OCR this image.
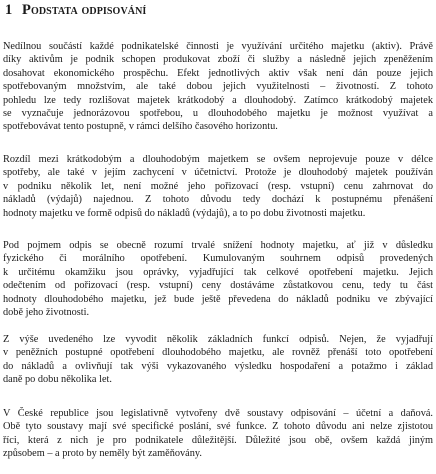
1 Podstata odpisování
Nedílnou součástí každé podnikatelské činnosti je využívání určitého majetku (aktiv). Právě
díky aktivům je podnik schopen produkovat zboží či služby a následně jejich zpeněžením
dosahovat ekonomického prospěchu. Efekt jednotlivých aktiv však není dán pouze jejich
spotřebovaným množstvím, ale také dobou jejich využitelnosti – životností. Z tohoto
pohledu lze tedy rozlišovat majetek krátkodobý a dlouhodobý. Zatímco krátkodobý majetek
se vyznačuje jednorázovou spotřebou, u dlouhodobého majetku je možnost využívat a
spotřebovávat tento postupně, v rámci delšího časového horizontu.
Rozdíl mezi krátkodobým a dlouhodobým majetkem se ovšem neprojevuje pouze v délce
spotřeby, ale také v jejím zachycení v účetnictví. Protože je dlouhodobý majetek používán
v podniku několik let, není možné jeho pořizovací (resp. vstupní) cenu zahrnovat do
nákladů (výdajů) najednou. Z tohoto důvodu tedy dochází k postupnému přenášení
hodnoty majetku ve formě odpisů do nákladů (výdajů), a to po dobu životnosti majetku.
Pod pojmem odpis se obecně rozumí trvalé snížení hodnoty majetku, ať již v důsledku
fyzického či morálního opotřebení. Kumulovaným souhrnem odpisů provedených
k určitému okamžiku jsou oprávky, vyjadřující tak celkové opotřebení majetku. Jejich
odečtením od pořizovací (resp. vstupní) ceny dostáváme zůstatkovou cenu, tedy tu část
hodnoty dlouhodobého majetku, jež bude ještě převedena do nákladů podniku ve zbývající
době jeho životnosti.
Z výše uvedeného lze vyvodit několik základních funkcí odpisů. Nejen, že vyjadřují
v peněžních postupné opotřebení dlouhodobého majetku, ale rovněž přenáší toto opotřebení
do nákladů a ovlivňují tak výši vykazovaného výsledku hospodaření a potažmo i základ
daně po dobu několika let.
V České republice jsou legislativně vytvořeny dvě soustavy odpisování – účetní a daňová.
Obě tyto soustavy mají své specifické poslání, své funkce. Z tohoto důvodu ani nelze zjistotou
říci, která z nich je pro podnikatele důležitější. Důležité jsou obě, ovšem každá jiným
způsobem – a proto by neměly být zaměňovány.
